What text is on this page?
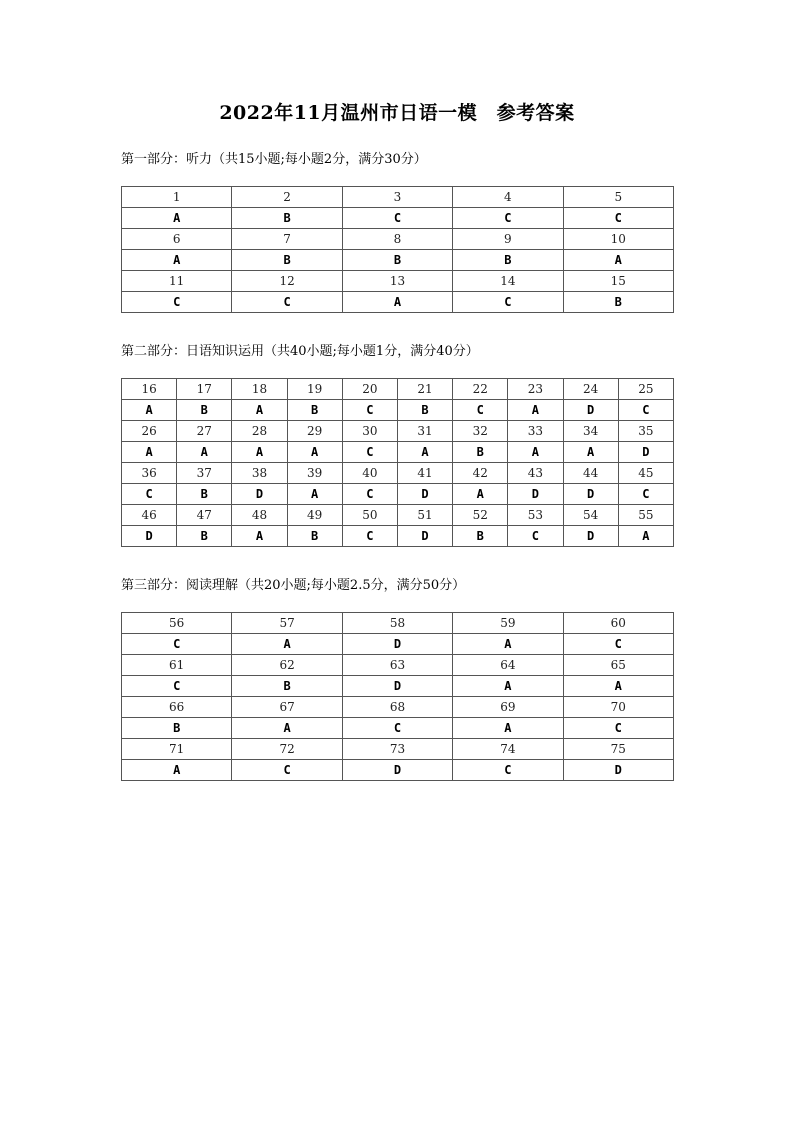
2022年11月温州市日语一模　参考答案
第一部分：听力（共15小题;每小题2分，满分30分）
1	2	3	4	5
A	B	C	C	C
6	7	8	9	10
A	B	B	B	A
11	12	13	14	15
C	C	A	C	B
第二部分：日语知识运用（共40小题;每小题1分，满分40分）
16	17	18	19	20	21	22	23	24	25
A	B	A	B	C	B	C	A	D	C
26	27	28	29	30	31	32	33	34	35
A	A	A	A	C	A	B	A	A	D
36	37	38	39	40	41	42	43	44	45
C	B	D	A	C	D	A	D	D	C
46	47	48	49	50	51	52	53	54	55
D	B	A	B	C	D	B	C	D	A
第三部分：阅读理解（共20小题;每小题2.5分，满分50分）
56	57	58	59	60
C	A	D	A	C
61	62	63	64	65
C	B	D	A	A
66	67	68	69	70
B	A	C	A	C
71	72	73	74	75
A	C	D	C	D
